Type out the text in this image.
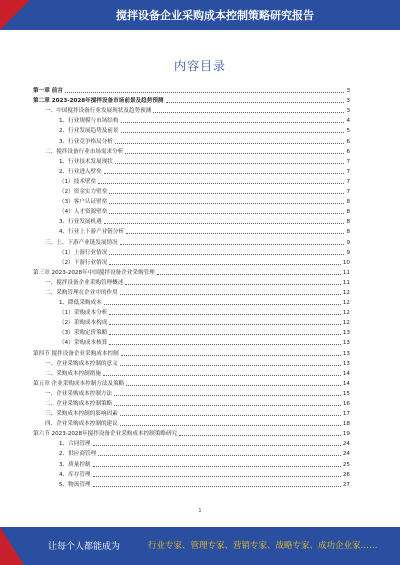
搅拌设备企业采购成本控制策略研究报告
内容目录
第一章 前言	3
第二章 2023-2028年搅拌设备市场前景及趋势预测	3
一、中国搅拌设备行业发展现状及趋势预测	3
1、行业规模与市场结构	4
2、行业发展趋势及前景	5
3、行业竞争格局分析	6
二、搅拌设备行业市场需求分析	6
1、行业技术发展现状	7
2、行业进入壁垒	7
（1）技术壁垒	7
（2）资金实力壁垒	7
（3）客户认证壁垒	8
（4）人才资源壁垒	8
3、行业发展机遇	8
4、行业上下游产业链分析	8
三、上、下游产业链发展情况	9
（1）上游行业情况	9
（2）下游行业情况	10
第三章 2023-2028年中国搅拌设备企业采购管理	11
一、搅拌设备企业采购管理概述	11
二、采购管理在企业中的作用	12
1、降低采购成本	12
（1）采购成本分析	12
（2）采购成本构成	12
（3）采购定价策略	13
（4）采购成本核算	13
第四节 搅拌设备企业采购成本控制	13
一、企业采购成本控制的意义	13
二、采购成本控制措施	14
第五章 企业采购成本控制方法及策略	14
一、企业采购成本控制方法	15
二、企业采购成本控制策略	16
三、采购成本控制的影响因素	17
四、企业采购成本控制的建议	18
第六节 2023-2028年搅拌设备企业采购成本控制策略研究	19
1、合同管理	24
2、供应商管理	24
3、质量控制	25
4、库存管理	26
5、物流管理	27
1
让每个人都能成为	行业专家、管理专家、营销专家、战略专家、成功企业家……
